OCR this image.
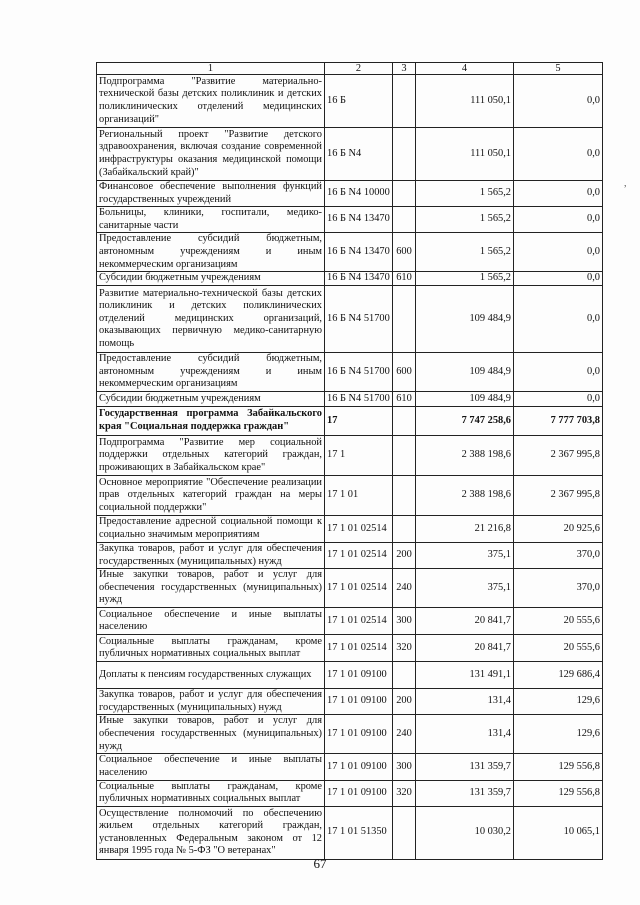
1	2	3	4	5
Подпрограмма "Развитие материально-технической базы детских поликлиник и детских поликлинических отделений медицинских организаций"	16 Б		111 050,1	0,0
Региональный проект "Развитие детского здравоохранения, включая создание современной инфраструктуры оказания медицинской помощи (Забайкальский край)"	16 Б N4		111 050,1	0,0
Финансовое обеспечение выполнения функций государственных учреждений	16 Б N4 10000		1 565,2	0,0
Больницы, клиники, госпитали, медико-санитарные части	16 Б N4 13470		1 565,2	0,0
Предоставление субсидий бюджетным, автономным учреждениям и иным некоммерческим организациям	16 Б N4 13470	600	1 565,2	0,0
Субсидии бюджетным учреждениям	16 Б N4 13470	610	1 565,2	0,0
Развитие материально-технической базы детских поликлиник и детских поликлинических отделений медицинских организаций, оказывающих первичную медико-санитарную помощь	16 Б N4 51700		109 484,9	0,0
Предоставление субсидий бюджетным, автономным учреждениям и иным некоммерческим организациям	16 Б N4 51700	600	109 484,9	0,0
Субсидии бюджетным учреждениям	16 Б N4 51700	610	109 484,9	0,0
Государственная программа Забайкальского края "Социальная поддержка граждан"	17		7 747 258,6	7 777 703,8
Подпрограмма "Развитие мер социальной поддержки отдельных категорий граждан, проживающих в Забайкальском крае"	17 1		2 388 198,6	2 367 995,8
Основное мероприятие "Обеспечение реализации прав отдельных категорий граждан на меры социальной поддержки"	17 1 01		2 388 198,6	2 367 995,8
Предоставление адресной социальной помощи к социально значимым мероприятиям	17 1 01 02514		21 216,8	20 925,6
Закупка товаров, работ и услуг для обеспечения государственных (муниципальных) нужд	17 1 01 02514	200	375,1	370,0
Иные закупки товаров, работ и услуг для обеспечения государственных (муниципальных) нужд	17 1 01 02514	240	375,1	370,0
Социальное обеспечение и иные выплаты населению	17 1 01 02514	300	20 841,7	20 555,6
Социальные выплаты гражданам, кроме публичных нормативных социальных выплат	17 1 01 02514	320	20 841,7	20 555,6
Доплаты к пенсиям государственных служащих	17 1 01 09100		131 491,1	129 686,4
Закупка товаров, работ и услуг для обеспечения государственных (муниципальных) нужд	17 1 01 09100	200	131,4	129,6
Иные закупки товаров, работ и услуг для обеспечения государственных (муниципальных) нужд	17 1 01 09100	240	131,4	129,6
Социальное обеспечение и иные выплаты населению	17 1 01 09100	300	131 359,7	129 556,8
Социальные выплаты гражданам, кроме публичных нормативных социальных выплат	17 1 01 09100	320	131 359,7	129 556,8
Осуществление полномочий по обеспечению жильем отдельных категорий граждан, установленных Федеральным законом от 12 января 1995 года № 5-ФЗ "О ветеранах"	17 1 01 51350		10 030,2	10 065,1
67
,
